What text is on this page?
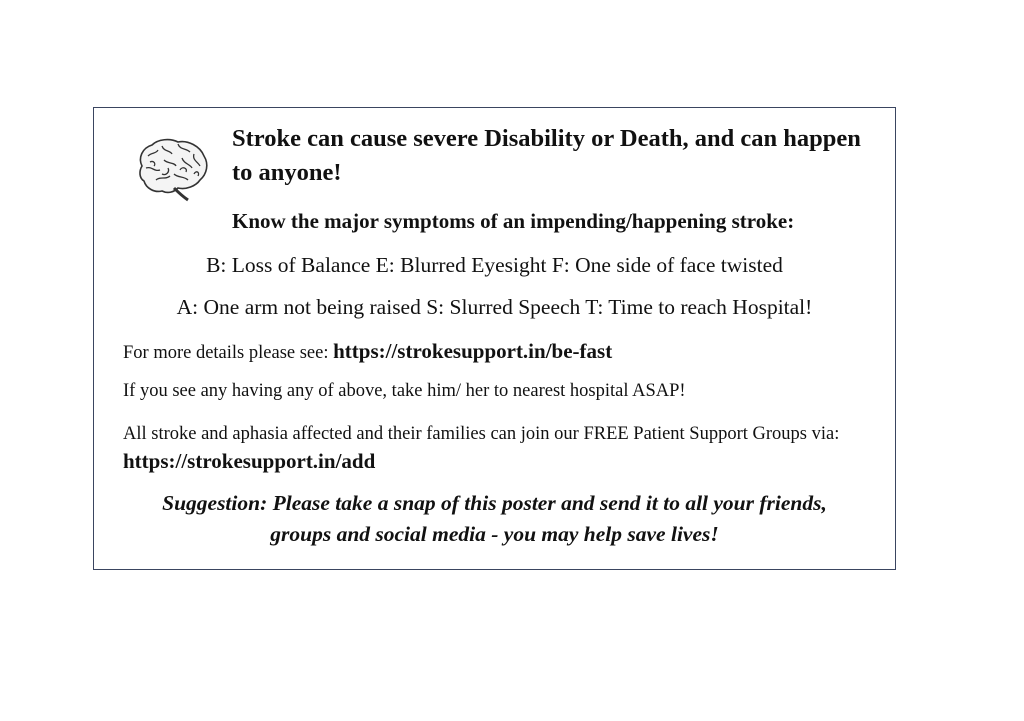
Stroke can cause severe Disability or Death, and can happen to anyone!
Know the major symptoms of an impending/happening stroke:
B: Loss of Balance E: Blurred Eyesight F: One side of face twisted
A: One arm not being raised S: Slurred Speech T: Time to reach Hospital!
For more details please see: https://strokesupport.in/be-fast
If you see any having any of above, take him/ her to nearest hospital ASAP!
All stroke and aphasia affected and their families can join our FREE Patient Support Groups via: https://strokesupport.in/add
Suggestion: Please take a snap of this poster and send it to all your friends,
groups and social media - you may help save lives!
